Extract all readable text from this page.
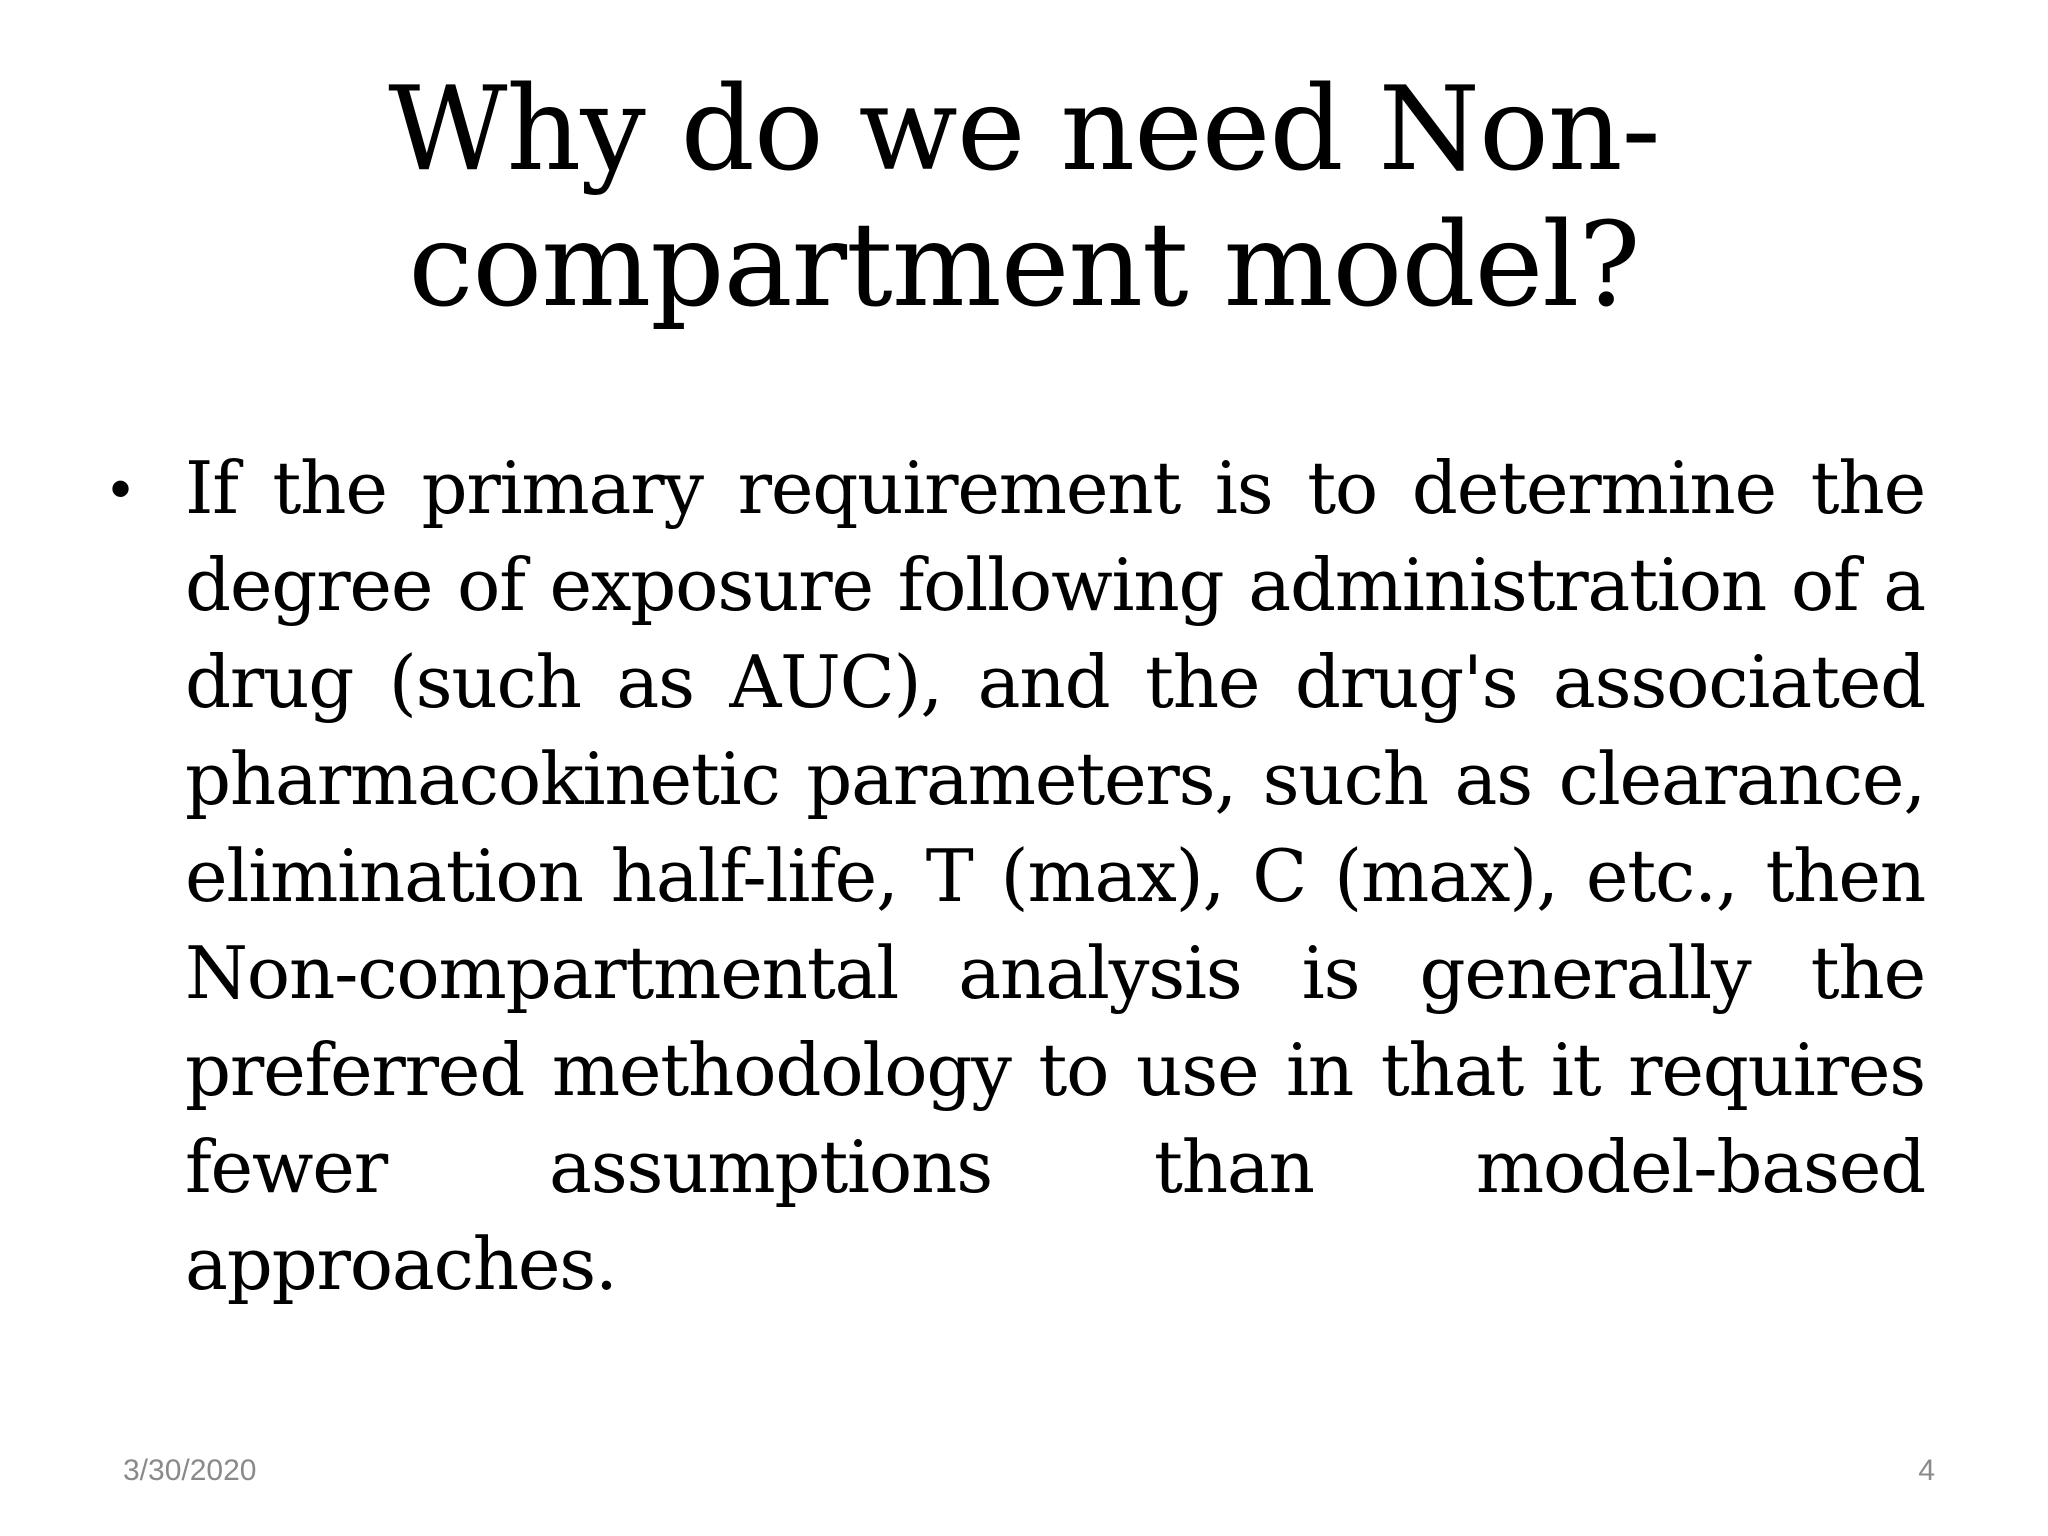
Why do we need Non-
compartment model?
• If the primary requirement is to determine the degree of exposure following administration of a drug (such as AUC), and the drug's associated pharmacokinetic parameters, such as clearance, elimination half-life, T (max), C (max), etc., then Non-compartmental analysis is generally the preferred methodology to use in that it requires fewer assumptions than model-based approaches.

3/30/2020	4
